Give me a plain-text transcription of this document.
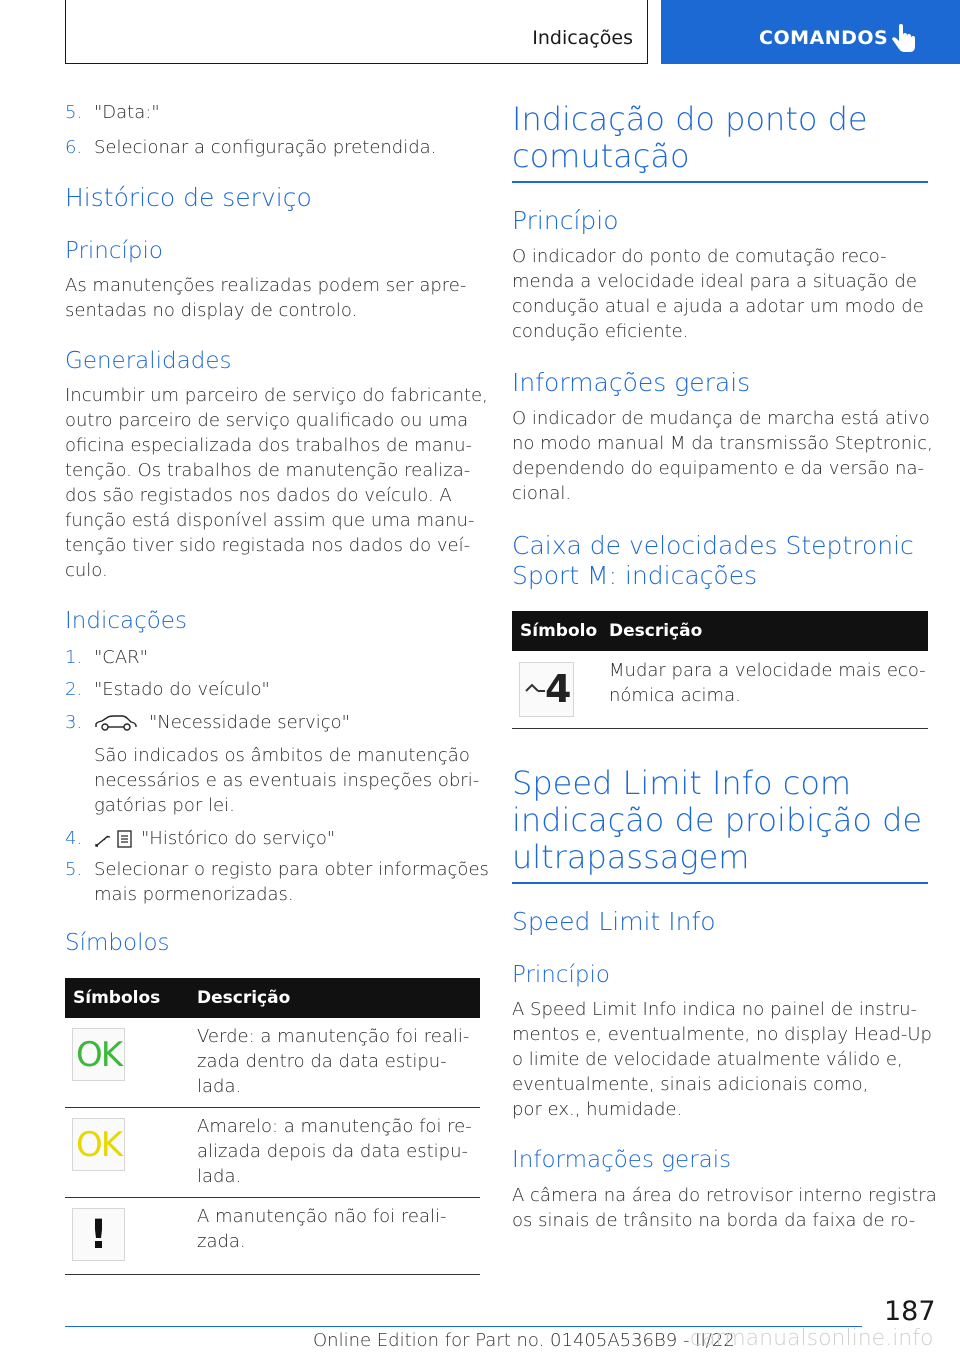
Indicações	COMANDOS
5. "Data:"
6. Selecionar a configuração pretendida.
Histórico de serviço
Princípio
As manutenções realizadas podem ser apre-
sentadas no display de controlo.
Generalidades
Incumbir um parceiro de serviço do fabricante,
outro parceiro de serviço qualificado ou uma
oficina especializada dos trabalhos de manu-
tenção. Os trabalhos de manutenção realiza-
dos são registados nos dados do veículo. A
função está disponível assim que uma manu-
tenção tiver sido registada nos dados do veí-
culo.
Indicações
1. "CAR"
2. "Estado do veículo"
3.	"Necessidade serviço"
São indicados os âmbitos de manutenção
necessários e as eventuais inspeções obri-
gatórias por lei.
4.	"Histórico do serviço"
5. Selecionar o registo para obter informações
mais pormenorizadas.
Símbolos
Símbolos Descrição
OK	Verde: a manutenção foi reali-
zada dentro da data estipu-
lada.
OK	Amarelo: a manutenção foi re-
alizada depois da data estipu-
lada.
!	A manutenção não foi reali-
zada.
Indicação do ponto de
comutação
Princípio
O indicador do ponto de comutação reco-
menda a velocidade ideal para a situação de
condução atual e ajuda a adotar um modo de
condução eficiente.
Informações gerais
O indicador de mudança de marcha está ativo
no modo manual M da transmissão Steptronic,
dependendo do equipamento e da versão na-
cional.
Caixa de velocidades Steptronic
Sport M: indicações
Símbolo Descrição
4 Mudar para a velocidade mais eco-
nómica acima.
Speed Limit Info com
indicação de proibição de
ultrapassagem
Speed Limit Info
Princípio
A Speed Limit Info indica no painel de instru-
mentos e, eventualmente, no display Head-Up
o limite de velocidade atualmente válido e,
eventualmente, sinais adicionais como,
por ex., humidade.
Informações gerais
A câmera na área do retrovisor interno registra
os sinais de trânsito na borda da faixa de ro-
187
Online Edition for Part no. 01405A536B9 - II/22
carmanualsonline.info
